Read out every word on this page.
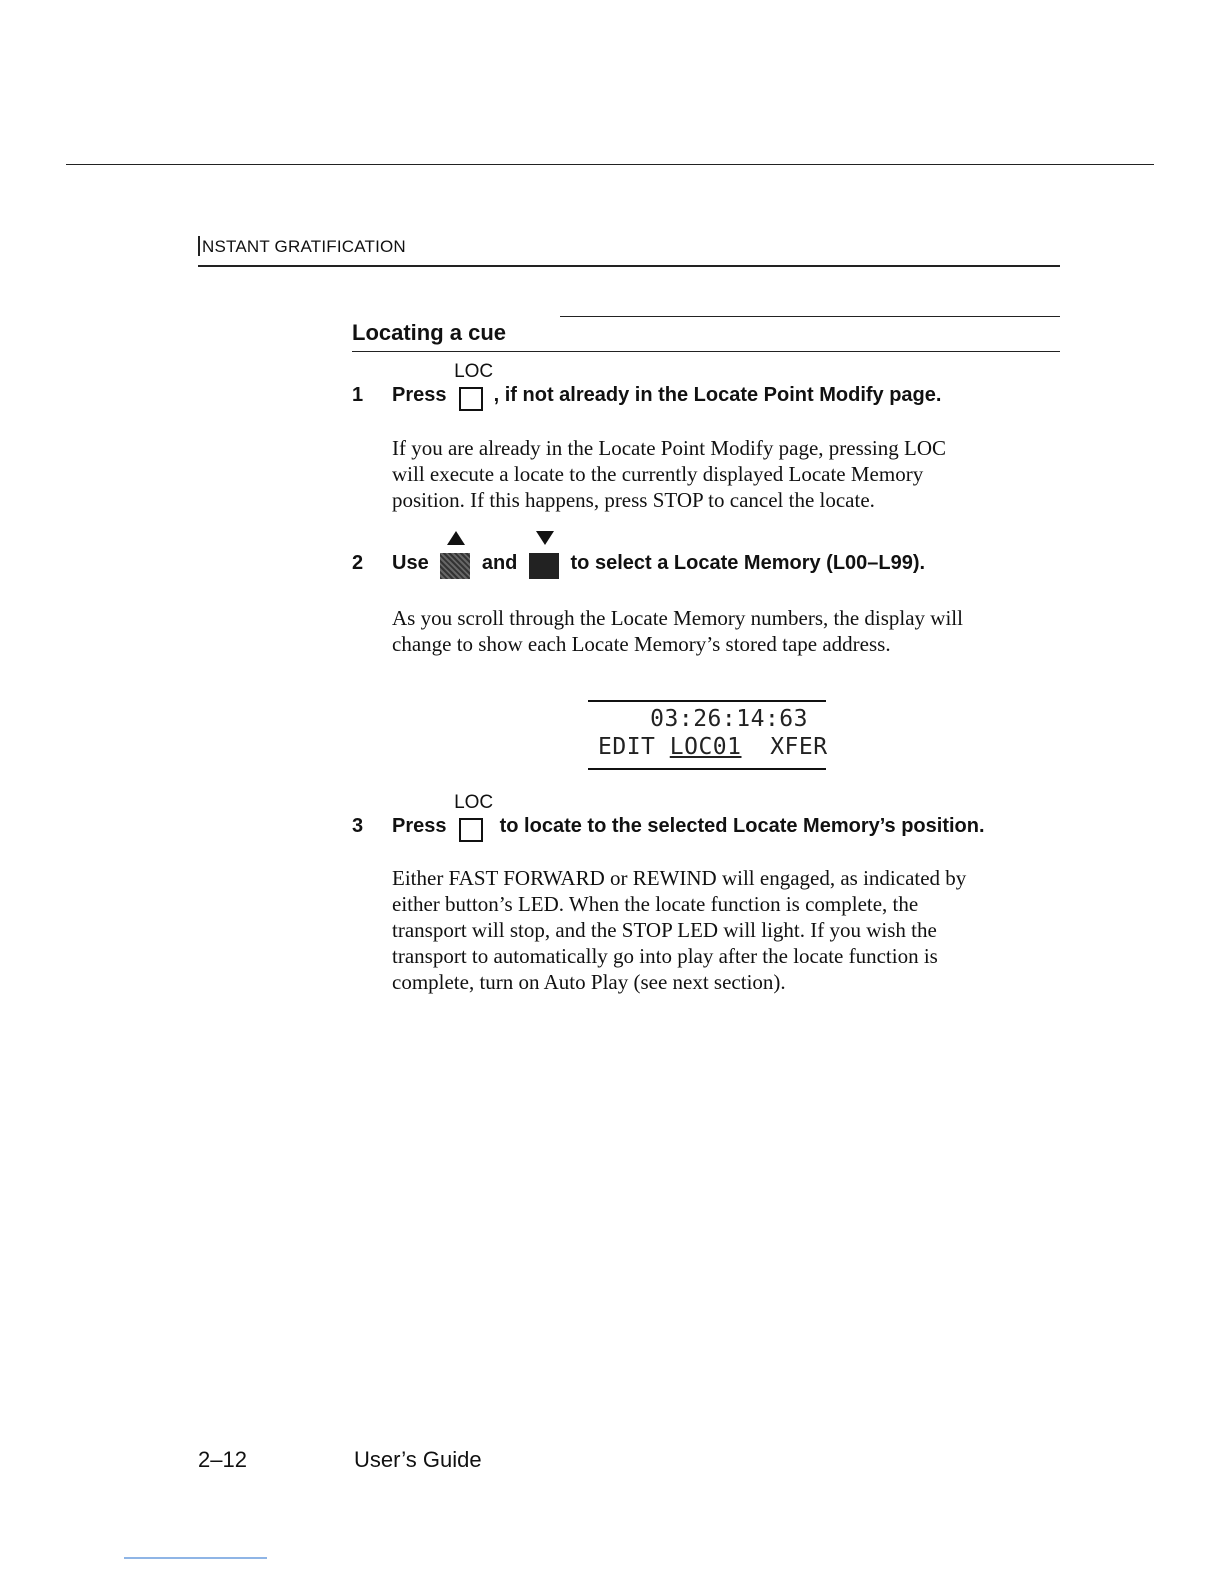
NSTANT GRATIFICATION
Locating a cue
1 Press
LOC
, if not already in the Locate Point Modify page.

If you are already in the Locate Point Modify page, pressing LOC

will execute a locate to the currently displayed Locate Memory

position. If this happens, press STOP to cancel the locate.

2 Use	and	to select a Locate Memory (L00–L99).

As you scroll through the Locate Memory numbers, the display will

change to show each Locate Memory’s stored tape address.

03:26:14:63
EDIT LOC01 XFER
3 Press
LOC
to locate to the selected Locate Memory’s position.

Either FAST FORWARD or REWIND will engaged, as indicated by

either button’s LED. When the locate function is complete, the

transport will stop, and the STOP LED will light. If you wish the

transport to automatically go into play after the locate function is

complete, turn on Auto Play (see next section).

2–12	User’s Guide
